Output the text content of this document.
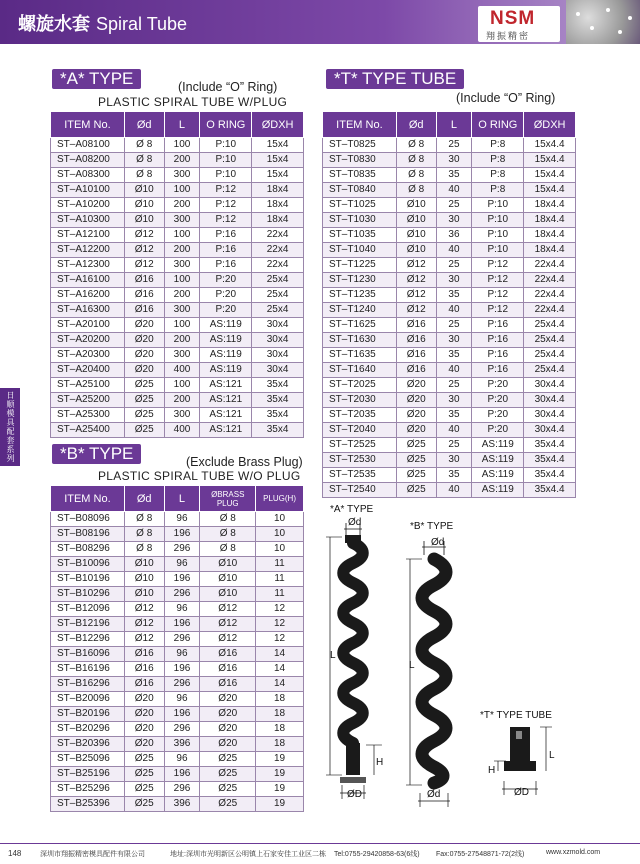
螺旋水套 Spiral Tube	NSM
翔振精密
日顺模具配套系列
*A* TYPE	(Include “O” Ring)
PLASTIC SPIRAL TUBE W/PLUG
ITEM No.	Ød	L	O RING	ØDXH
ST–A08100	Ø 8	100	P:10	15x4
ST–A08200	Ø 8	200	P:10	15x4
ST–A08300	Ø 8	300	P:10	15x4
ST–A10100	Ø10	100	P:12	18x4
ST–A10200	Ø10	200	P:12	18x4
ST–A10300	Ø10	300	P:12	18x4
ST–A12100	Ø12	100	P:16	22x4
ST–A12200	Ø12	200	P:16	22x4
ST–A12300	Ø12	300	P:16	22x4
ST–A16100	Ø16	100	P:20	25x4
ST–A16200	Ø16	200	P:20	25x4
ST–A16300	Ø16	300	P:20	25x4
ST–A20100	Ø20	100	AS:119	30x4
ST–A20200	Ø20	200	AS:119	30x4
ST–A20300	Ø20	300	AS:119	30x4
ST–A20400	Ø20	400	AS:119	30x4
ST–A25100	Ø25	100	AS:121	35x4
ST–A25200	Ø25	200	AS:121	35x4
ST–A25300	Ø25	300	AS:121	35x4
ST–A25400	Ø25	400	AS:121	35x4
*T* TYPE TUBE
(Include “O” Ring)
ITEM No.	Ød	L	O RING	ØDXH
ST–T0825	Ø 8	25	P:8	15x4.4
ST–T0830	Ø 8	30	P:8	15x4.4
ST–T0835	Ø 8	35	P:8	15x4.4
ST–T0840	Ø 8	40	P:8	15x4.4
ST–T1025	Ø10	25	P:10	18x4.4
ST–T1030	Ø10	30	P:10	18x4.4
ST–T1035	Ø10	36	P:10	18x4.4
ST–T1040	Ø10	40	P:10	18x4.4
ST–T1225	Ø12	25	P:12	22x4.4
ST–T1230	Ø12	30	P:12	22x4.4
ST–T1235	Ø12	35	P:12	22x4.4
ST–T1240	Ø12	40	P:12	22x4.4
ST–T1625	Ø16	25	P:16	25x4.4
ST–T1630	Ø16	30	P:16	25x4.4
ST–T1635	Ø16	35	P:16	25x4.4
ST–T1640	Ø16	40	P:16	25x4.4
ST–T2025	Ø20	25	P:20	30x4.4
ST–T2030	Ø20	30	P:20	30x4.4
ST–T2035	Ø20	35	P:20	30x4.4
ST–T2040	Ø20	40	P:20	30x4.4
ST–T2525	Ø25	25	AS:119	35x4.4
ST–T2530	Ø25	30	AS:119	35x4.4
ST–T2535	Ø25	35	AS:119	35x4.4
ST–T2540	Ø25	40	AS:119	35x4.4
*B* TYPE	(Exclude Brass Plug)
PLASTIC SPIRAL TUBE W/O PLUG
ITEM No.	Ød	L	ØBRASS PLUG	PLUG(H)
ST–B08096	Ø 8	96	Ø 8	10
ST–B08196	Ø 8	196	Ø 8	10
ST–B08296	Ø 8	296	Ø 8	10
ST–B10096	Ø10	96	Ø10	11
ST–B10196	Ø10	196	Ø10	11
ST–B10296	Ø10	296	Ø10	11
ST–B12096	Ø12	96	Ø12	12
ST–B12196	Ø12	196	Ø12	12
ST–B12296	Ø12	296	Ø12	12
ST–B16096	Ø16	96	Ø16	14
ST–B16196	Ø16	196	Ø16	14
ST–B16296	Ø16	296	Ø16	14
ST–B20096	Ø20	96	Ø20	18
ST–B20196	Ø20	196	Ø20	18
ST–B20296	Ø20	296	Ø20	18
ST–B20396	Ø20	396	Ø20	18
ST–B25096	Ø25	96	Ø25	19
ST–B25196	Ø25	196	Ø25	19
ST–B25296	Ø25	296	Ø25	19
ST–B25396	Ø25	396	Ø25	19
*A* TYPE
*B* TYPE
*T* TYPE TUBE
Ød
L
H
ØD
Ød
L
Ød
L
H
ØD
148	深圳市翔振精密模具配件有限公司	地址:深圳市光明新区公明镇上石家安佳工业区二栋 Tel:0755-29420858-63(6线) Fax:0755-27548871-72(2线)	www.xzmold.com
